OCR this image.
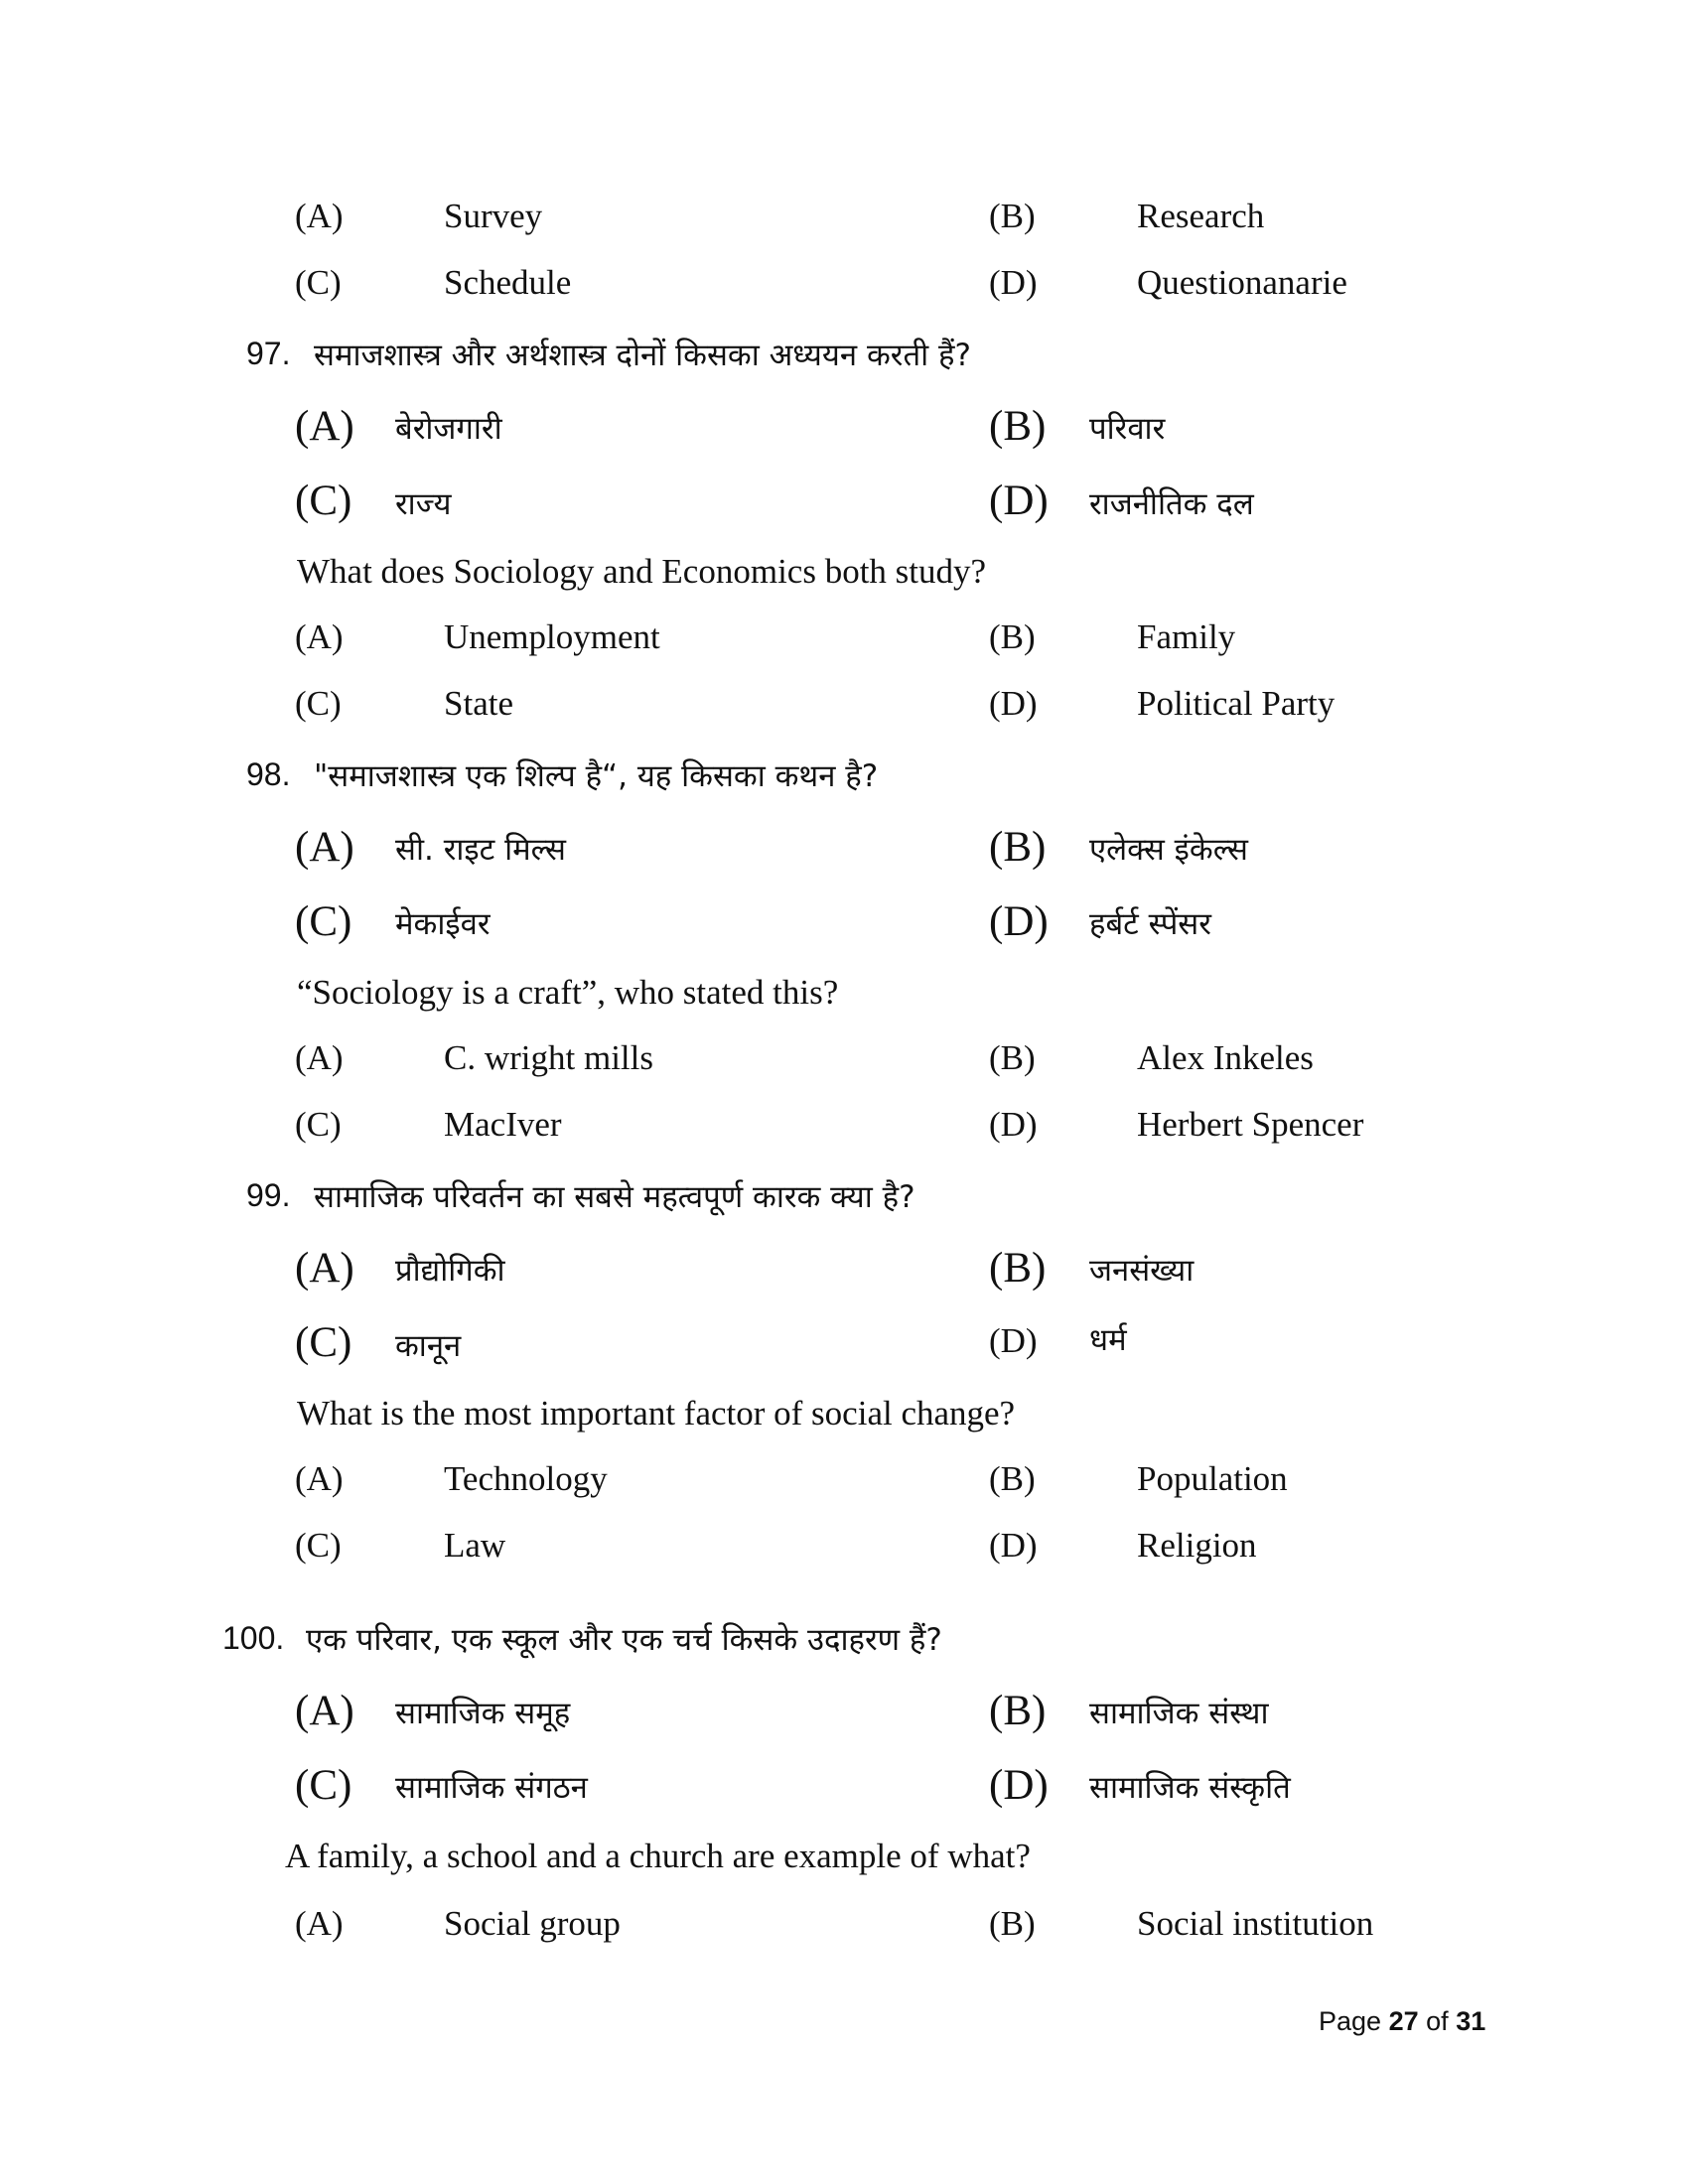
(A)	Survey	(B)	Research
(C)	Schedule	(D)	Questionanarie
97. समाजशास्त्र और अर्थशास्त्र दोनों किसका अध्ययन करती हैं?
(A) बेरोजगारी	(B) परिवार
(C) राज्य	(D) राजनीतिक दल
What does Sociology and Economics both study?
(A)	Unemployment	(B)	Family
(C)	State	(D)	Political Party
98. "समाजशास्त्र एक शिल्प है“, यह किसका कथन है?
(A) सी. राइट मिल्स	(B) एलेक्स इंकेल्स
(C) मेकाईवर	(D) हर्बर्ट स्पेंसर
“Sociology is a craft”, who stated this?
(A)	C. wright mills	(B)	Alex Inkeles
(C)	MacIver	(D)	Herbert Spencer
99. सामाजिक परिवर्तन का सबसे महत्वपूर्ण कारक क्या है?
(A) प्रौद्योगिकी	(B) जनसंख्या
(C) कानून	(D) धर्म
What is the most important factor of social change?
(A)	Technology	(B)	Population
(C)	Law	(D)	Religion
100. एक परिवार, एक स्कूल और एक चर्च किसके उदाहरण हैं?
(A) सामाजिक समूह	(B) सामाजिक संस्था
(C) सामाजिक संगठन	(D) सामाजिक संस्कृति
A family, a school and a church are example of what?
(A)	Social group	(B)	Social institution
Page 27 of 31
